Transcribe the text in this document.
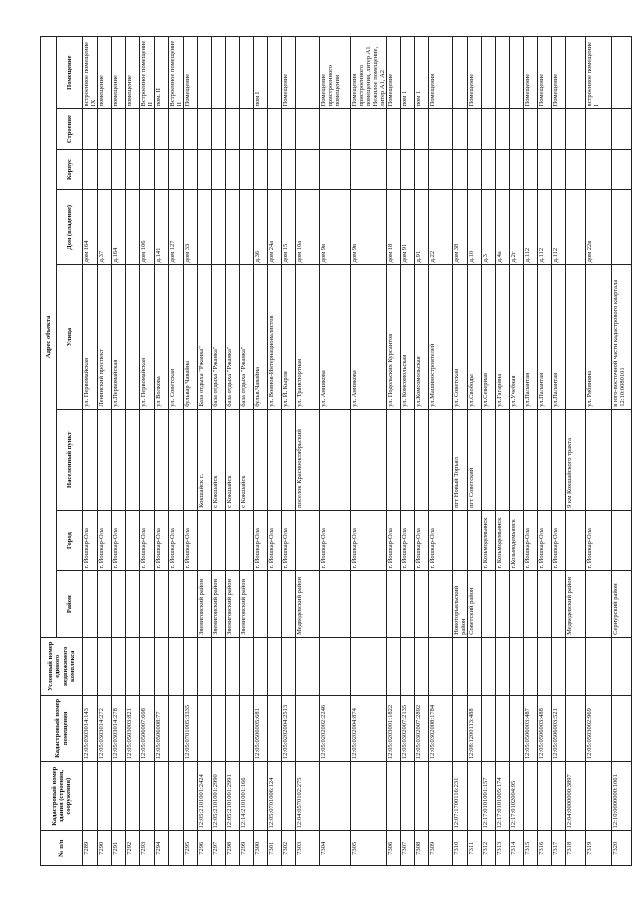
№ п/п	Кадастровый номер здания (строения, сооружения)	Кадастровый номер помещения	Условный номер единого недвижимого комплекса	Адрес объекта							
				Район	Город	Населенный пункт	Улица	Дом (владение)	Корпус	Строение	Помещение
7289		12:05:0303014:143			г. Йошкар-Ола		ул. Первомайская	дом 164			встроенное помещение IX
7290		12:05:0303014:272			г. Йошкар-Ола		Ленинский проспект	д.37			помещение
7291		12:05:0303014:278			г. Йошкар-Ола		ул.Первомайская	д.164			помещение
7292		12:05:0503003:821									помещение
7293		12:05:0506007:608			г. Йошкар-Ола		ул. Первомайская	дом 106			Встроенное помещение II
7294		12:05:0506008:77			г. Йошкар-Ола		ул Волкова	д.141			пом. II
					г. Йошкар-Ола		ул. Советская	дом 127			Встроенное помещение II
7295		12:05:0701005:3335			г. Йошкар-Ола		бульвар Чавайна	дом 33			Помещение
7296	12:05:2101001:2424			Звениговский район		Кокшайск с.	База отдыха "Ржанка"				
7297	12:05:2101001:2990			Звениговский район		с Кокшайск	база отдыха "Ржанка"				
7298	12:05:2101001:2991			Звениговский район		с Кокшайск	база отдыха "Ржанка"				
7299	12:14:2101001:166			Звениговский район		с Кокшайск	база отдыха "Ржанка"				
7300		12:05:0506005:681			г. Йошкар-Ола		бульв.Чавайна	д.36			пом I
7301	12:05:0701006:124				г. Йошкар-Ола		ул. Воинов-Интернационалистов	дом 24а			
7302		12:05:0202004:2513			г. Йошкар-Ола		ул. Й. Кырля	дом 15			Помещение
7303	12:04:0570102:275			Медведевский район		поселок Краснооктябрьский	ул. Транспортная	дом 10а			
7304		12:05:0202002:2246			г. Йошкар-Ола		ул. Анникова	дом 9в			Помещение пристроенного помещения
7305		12:05:0202004:874			г. Йошкар-Ола		ул. Анникова	дом 9в			Помещения пристроенного помещения, литер А1 Нежилое помещение, литер А1, А2
7306		12:05:0203001:1822			г. Йошкар-Ола		ул. Подольских Курсантов	дом 18			Помещение
7307		12:05:0302007:2135			г. Йошкар-Ола		ул. Комсомольская	дом 91			пом 1
7308		12:05:0302007:2892			г. Йошкар-Ола		ул.Комсомольская	д.91			пом 1
7309		12:05:0302008:1784			г. Йошкар-Ола		ул.Машиностроителей	д.22			Помещения
7310	12:07:1700116:231			Новоторъяльский район		пгт Новый Торъял	ул. Советская	дом 38			
7311		12:08:1200113:488		Советский район		пгт Советский	ул.Свободы	д.10			Помещение
7312	12:17:0101001:157				г. Козьмодемьянск		ул.Северная	д.3			
7313	12:17:0101005:174				г. Козьмодемьянск		ул.Гагарина	д.4а			
7314	12:17:0102004:95				г.Козьмодемьянск		ул.Учебная	д.2г			
7315		12:05:0506003:487			г. Йошкар-Ола		ул.Палантая	д.112			Помещение
7316		12:05:0506003:488			г. Йошкар-Ола		ул.Палантая	д.112			Помещение
7317		12:05:0506003:521			г. Йошкар-Ола		ул.Палантая	д.112			Помещение
7318	12:04:0000000:3897			Медведевский район		9 км Кокшайского тракта					
7319		12:05:0503002:969			г. Йошкар-Ола		ул. Рябинина	дом 22в			встроенное помещение I
7320	12:10:0000000:1061			Сернурский район			в юго-восточной части кадастрового квартала 12:10:0080101				
